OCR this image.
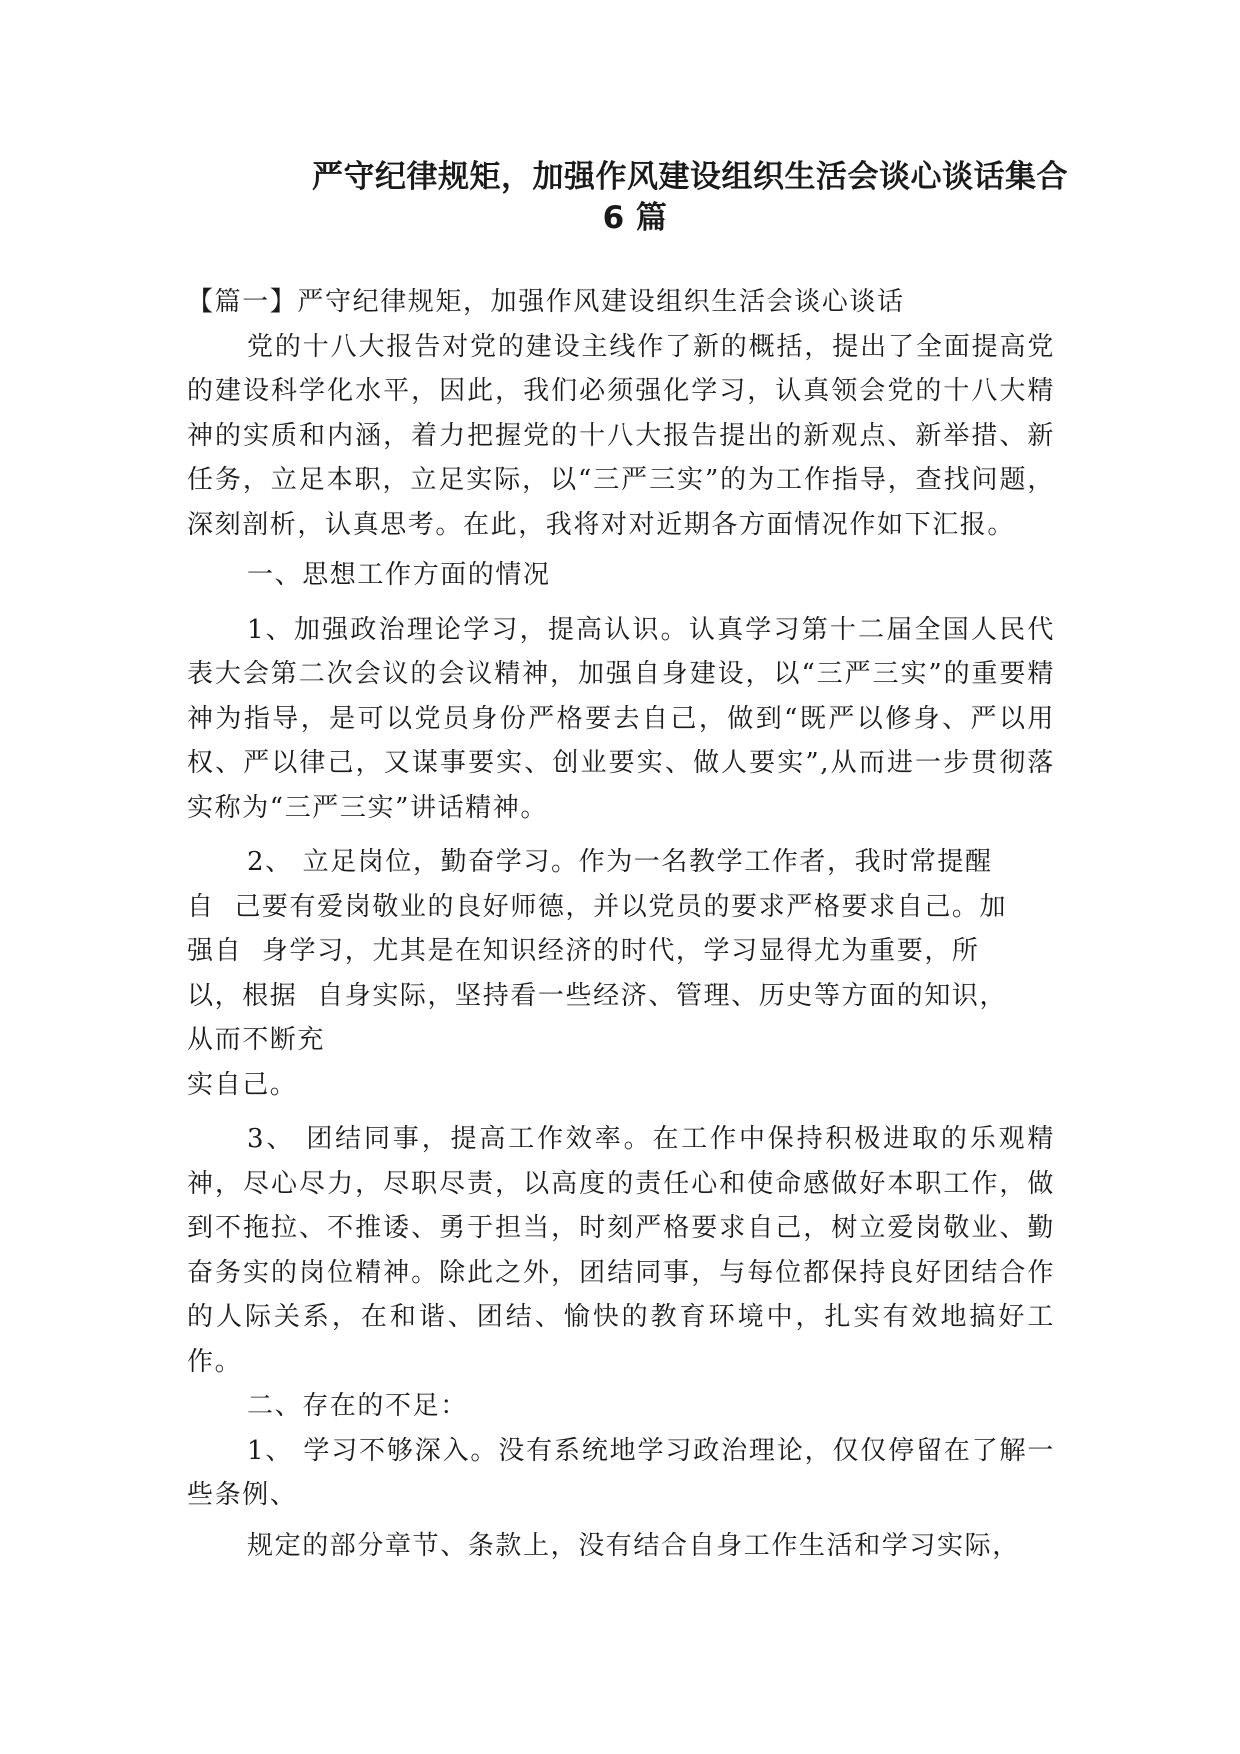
严守纪律规矩，加强作风建设组织生活会谈心谈话集合
6 篇

【篇一】严守纪律规矩，加强作风建设组织生活会谈心谈话

党的十八大报告对党的建设主线作了新的概括，提出了全面提高党的建设科学化水平，因此，我们必须强化学习，认真领会党的十八大精神的实质和内涵，着力把握党的十八大报告提出的新观点、新举措、新任务，立足本职，立足实际，以“三严三实”的为工作指导，查找问题，深刻剖析，认真思考。在此，我将对对近期各方面情况作如下汇报。

一、思想工作方面的情况

1、加强政治理论学习，提高认识。认真学习第十二届全国人民代表大会第二次会议的会议精神，加强自身建设，以“三严三实”的重要精神为指导，是可以党员身份严格要去自己，做到“既严以修身、严以用权、严以律己，又谋事要实、创业要实、做人要实”,从而进一步贯彻落实称为“三严三实”讲话精神。

2、 立足岗位，勤奋学习。作为一名教学工作者，我时常提醒

自  己要有爱岗敬业的良好师德，并以党员的要求严格要求自己。加

强自  身学习，尤其是在知识经济的时代，学习显得尤为重要，所

以，根据  自身实际，坚持看一些经济、管理、历史等方面的知识，

从而不断充

实自己。

3、 团结同事，提高工作效率。在工作中保持积极进取的乐观精神，尽心尽力，尽职尽责，以高度的责任心和使命感做好本职工作，做到不拖拉、不推诿、勇于担当，时刻严格要求自己，树立爱岗敬业、勤奋务实的岗位精神。除此之外，团结同事，与每位都保持良好团结合作的人际关系，在和谐、团结、愉快的教育环境中，扎实有效地搞好工作。

二、存在的不足：

1、 学习不够深入。没有系统地学习政治理论，仅仅停留在了解一些条例、

规定的部分章节、条款上，没有结合自身工作生活和学习实际，
